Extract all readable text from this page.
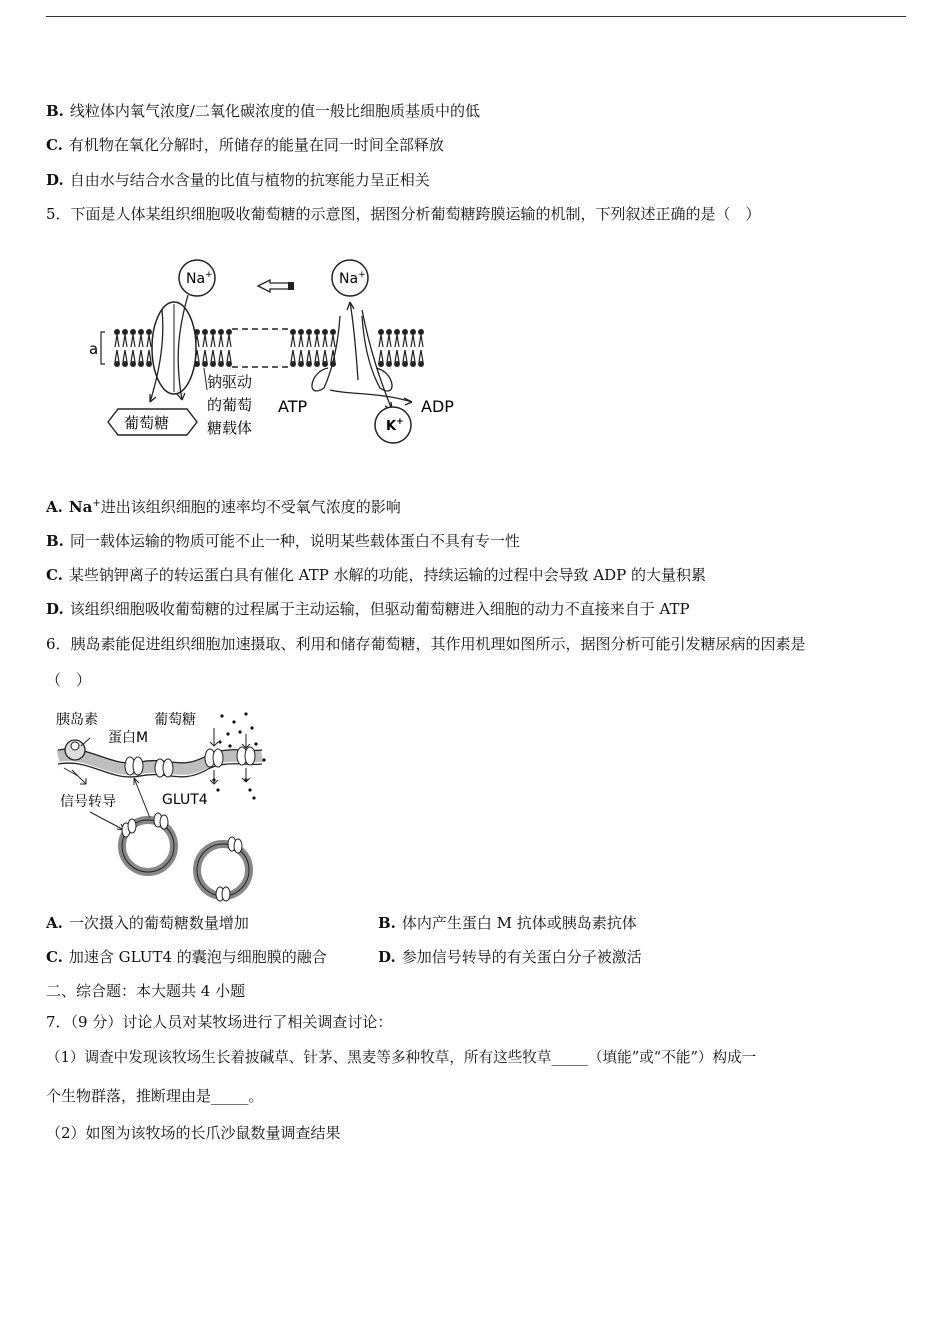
B. 线粒体内氧气浓度/二氧化碳浓度的值一般比细胞质基质中的低
C. 有机物在氧化分解时，所储存的能量在同一时间全部释放
D. 自由水与结合水含量的比值与植物的抗寒能力呈正相关
5．下面是人体某组织细胞吸收葡萄糖的示意图，据图分析葡萄糖跨膜运输的机制，下列叙述正确的是（　）
a
Na+	Na+
K+
ATP	ADP
钠驱动
的葡萄
糖载体
葡萄糖
A. Na+进出该组织细胞的速率均不受氧气浓度的影响
B. 同一载体运输的物质可能不止一种，说明某些载体蛋白不具有专一性
C. 某些钠钾离子的转运蛋白具有催化 ATP 水解的功能，持续运输的过程中会导致 ADP 的大量积累
D. 该组织细胞吸收葡萄糖的过程属于主动运输，但驱动葡萄糖进入细胞的动力不直接来自于 ATP
6．胰岛素能促进组织细胞加速摄取、利用和储存葡萄糖，其作用机理如图所示，据图分析可能引发糖尿病的因素是
（　）
胰岛素	葡萄糖
蛋白M
信号转导	GLUT4
A. 一次摄入的葡萄糖数量增加	B. 体内产生蛋白 M 抗体或胰岛素抗体
C. 加速含 GLUT4 的囊泡与细胞膜的融合	D. 参加信号转导的有关蛋白分子被激活
二、综合题：本大题共 4 小题
7．（9 分）讨论人员对某牧场进行了相关调查讨论：
（1）调查中发现该牧场生长着披碱草、针茅、黑麦等多种牧草，所有这些牧草_____（填能”或“不能”）构成一
个生物群落，推断理由是_____。
（2）如图为该牧场的长爪沙鼠数量调查结果
